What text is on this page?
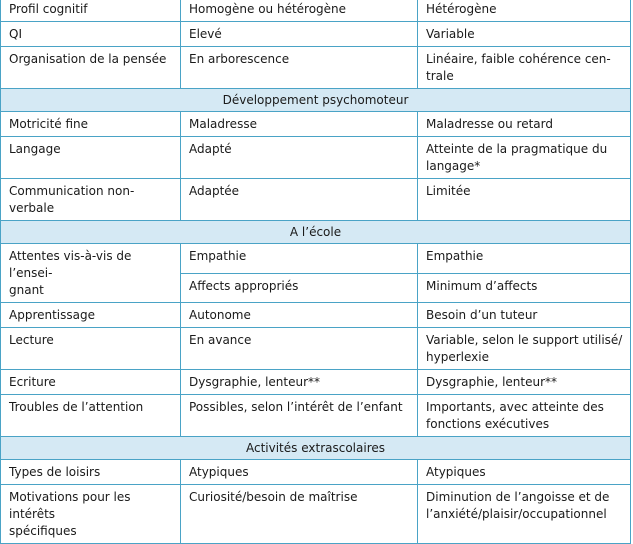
Profil cognitif	Homogène ou hétérogène	Hétérogène
QI	Elevé	Variable
Organisation de la pensée	En arborescence	Linéaire, faible cohérence cen-
trale
Développement psychomoteur		
Motricité fine	Maladresse	Maladresse ou retard
Langage	Adapté	Atteinte de la pragmatique du
langage*
Communication non-verbale	Adaptée	Limitée
A l’école		
Attentes vis-à-vis de l’ensei-
gnant	Empathie	Empathie
	Affects appropriés	Minimum d’affects
Apprentissage	Autonome	Besoin d’un tuteur
Lecture	En avance	Variable, selon le support utilisé/
hyperlexie
Ecriture	Dysgraphie, lenteur**	Dysgraphie, lenteur**
Troubles de l’attention	Possibles, selon l’intérêt de l’enfant	Importants, avec atteinte des
fonctions exécutives
Activités extrascolaires		
Types de loisirs	Atypiques	Atypiques
Motivations pour les intérêts
spécifiques	Curiosité/besoin de maîtrise	Diminution de l’angoisse et de
l’anxiété/plaisir/occupationnel
